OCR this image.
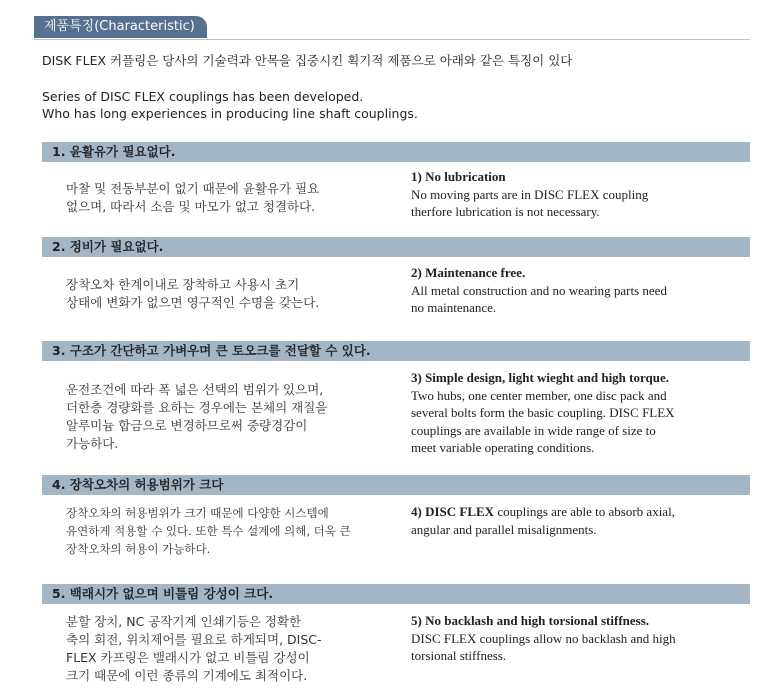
제품특징(Characteristic)
DISK FLEX 커플링은 당사의 기술력과 안목을 집중시킨 획기적 제품으로 아래와 같은 특징이 있다
Series of DISC FLEX couplings has been developed.
Who has long experiences in producing line shaft couplings.
1. 윤활유가 필요없다.
마찰 및 전동부분이 없기 때문에 윤활유가 필요
없으며, 따라서 소음 및 마모가 없고 청결하다.
1) No lubrication
No moving parts are in DISC FLEX coupling
therfore lubrication is not necessary.
2. 정비가 필요없다.
장착오차 한계이내로 장착하고 사용시 초기
상태에 변화가 없으면 영구적인 수명을 갖는다.
2) Maintenance free.
All metal construction and no wearing parts need
no maintenance.
3. 구조가 간단하고 가벼우며 큰 토오크를 전달할 수 있다.
운전조건에 따라 폭 넓은 선택의 범위가 있으며,
더한층 경량화를 요하는 경우에는 본체의 재질을
알루미늄 합금으로 변경하므로써 중량경감이
가능하다.
3) Simple design, light wieght and high torque.
Two hubs, one center member, one disc pack and
several bolts form the basic coupling. DISC FLEX
couplings are available in wide range of size to
meet variable operating conditions.
4. 장착오차의 허용범위가 크다
장착오차의 허용범위가 크기 때문에 다양한 시스템에
유연하게 적용할 수 있다. 또한 특수 설계에 의해, 더욱 큰
장착오차의 허용이 가능하다.
4) DISC FLEX couplings are able to absorb axial,
angular and parallel misalignments.
5. 백래시가 없으며 비틀림 강성이 크다.
분할 장치, NC 공작기계 인쇄기등은 정확한
축의 회전, 위치제어를 필요로 하게되며, DISC-
FLEX 카프링은 밸래시가 없고 비틀림 강성이
크기 때문에 이런 종류의 기계에도 최적이다.
5) No backlash and high torsional stiffness.
DISC FLEX couplings allow no backlash and high
torsional stiffness.
